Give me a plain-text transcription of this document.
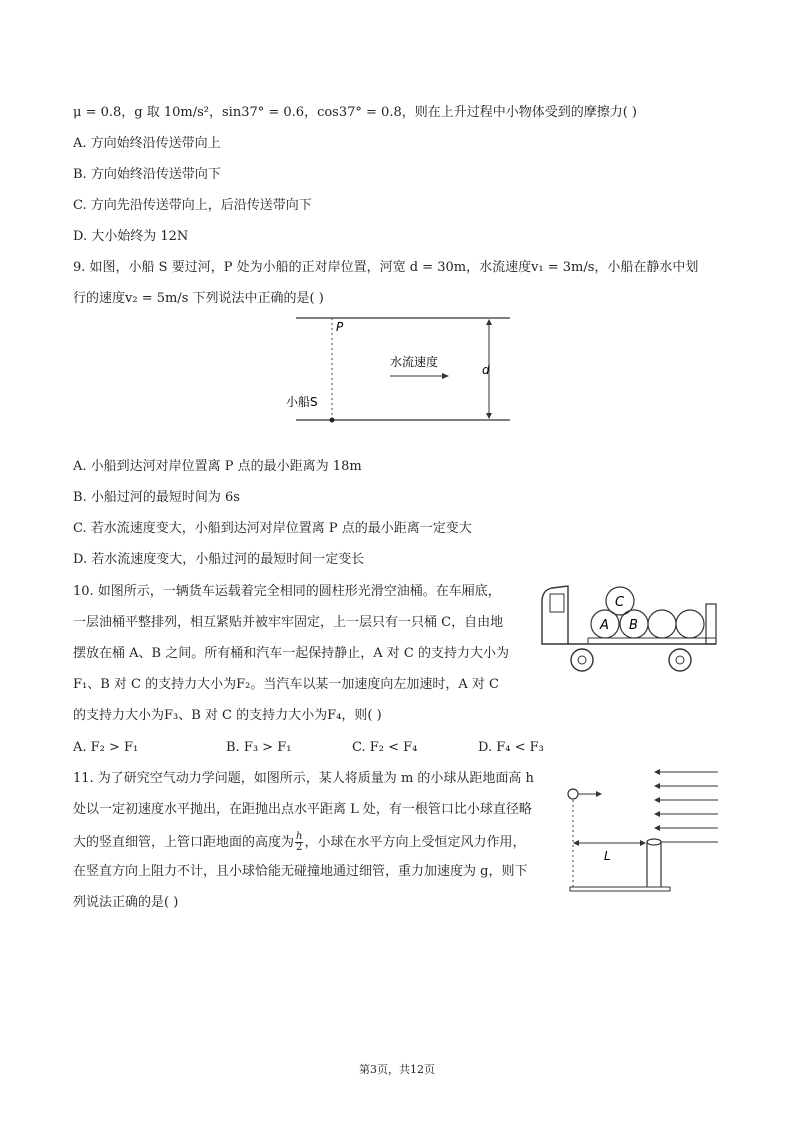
μ = 0.8，g 取 10m/s²，sin37° = 0.6，cos37° = 0.8，则在上升过程中小物体受到的摩擦力( )
A. 方向始终沿传送带向上
B. 方向始终沿传送带向下
C. 方向先沿传送带向上，后沿传送带向下
D. 大小始终为 12N
9. 如图，小船 S 要过河，P 处为小船的正对岸位置，河宽 d = 30m，水流速度v₁ = 3m/s，小船在静水中划
行的速度v₂ = 5m/s 下列说法中正确的是( )
P
水流速度
d
小船S
A. 小船到达河对岸位置离 P 点的最小距离为 18m
B. 小船过河的最短时间为 6s
C. 若水流速度变大，小船到达河对岸位置离 P 点的最小距离一定变大
D. 若水流速度变大，小船过河的最短时间一定变长
10. 如图所示，一辆货车运载着完全相同的圆柱形光滑空油桶。在车厢底，
一层油桶平整排列，相互紧贴并被牢牢固定，上一层只有一只桶 C，自由地
摆放在桶 A、B 之间。所有桶和汽车一起保持静止，A 对 C 的支持力大小为
F₁、B 对 C 的支持力大小为F₂。当汽车以某一加速度向左加速时，A 对 C
的支持力大小为F₃、B 对 C 的支持力大小为F₄，则( )
A B
C
A. F₂ > F₁	B. F₃ > F₁	C. F₂ < F₄	D. F₄ < F₃
11. 为了研究空气动力学问题，如图所示，某人将质量为 m 的小球从距地面高 h
处以一定初速度水平抛出，在距抛出点水平距离 L 处，有一根管口比小球直径略
大的竖直细管，上管口距地面的高度为 $\frac{h}{2}$ ，小球在水平方向上受恒定风力作用，
在竖直方向上阻力不计，且小球恰能无碰撞地通过细管，重力加速度为 g，则下
列说法正确的是( )
L
第3页，共12页
